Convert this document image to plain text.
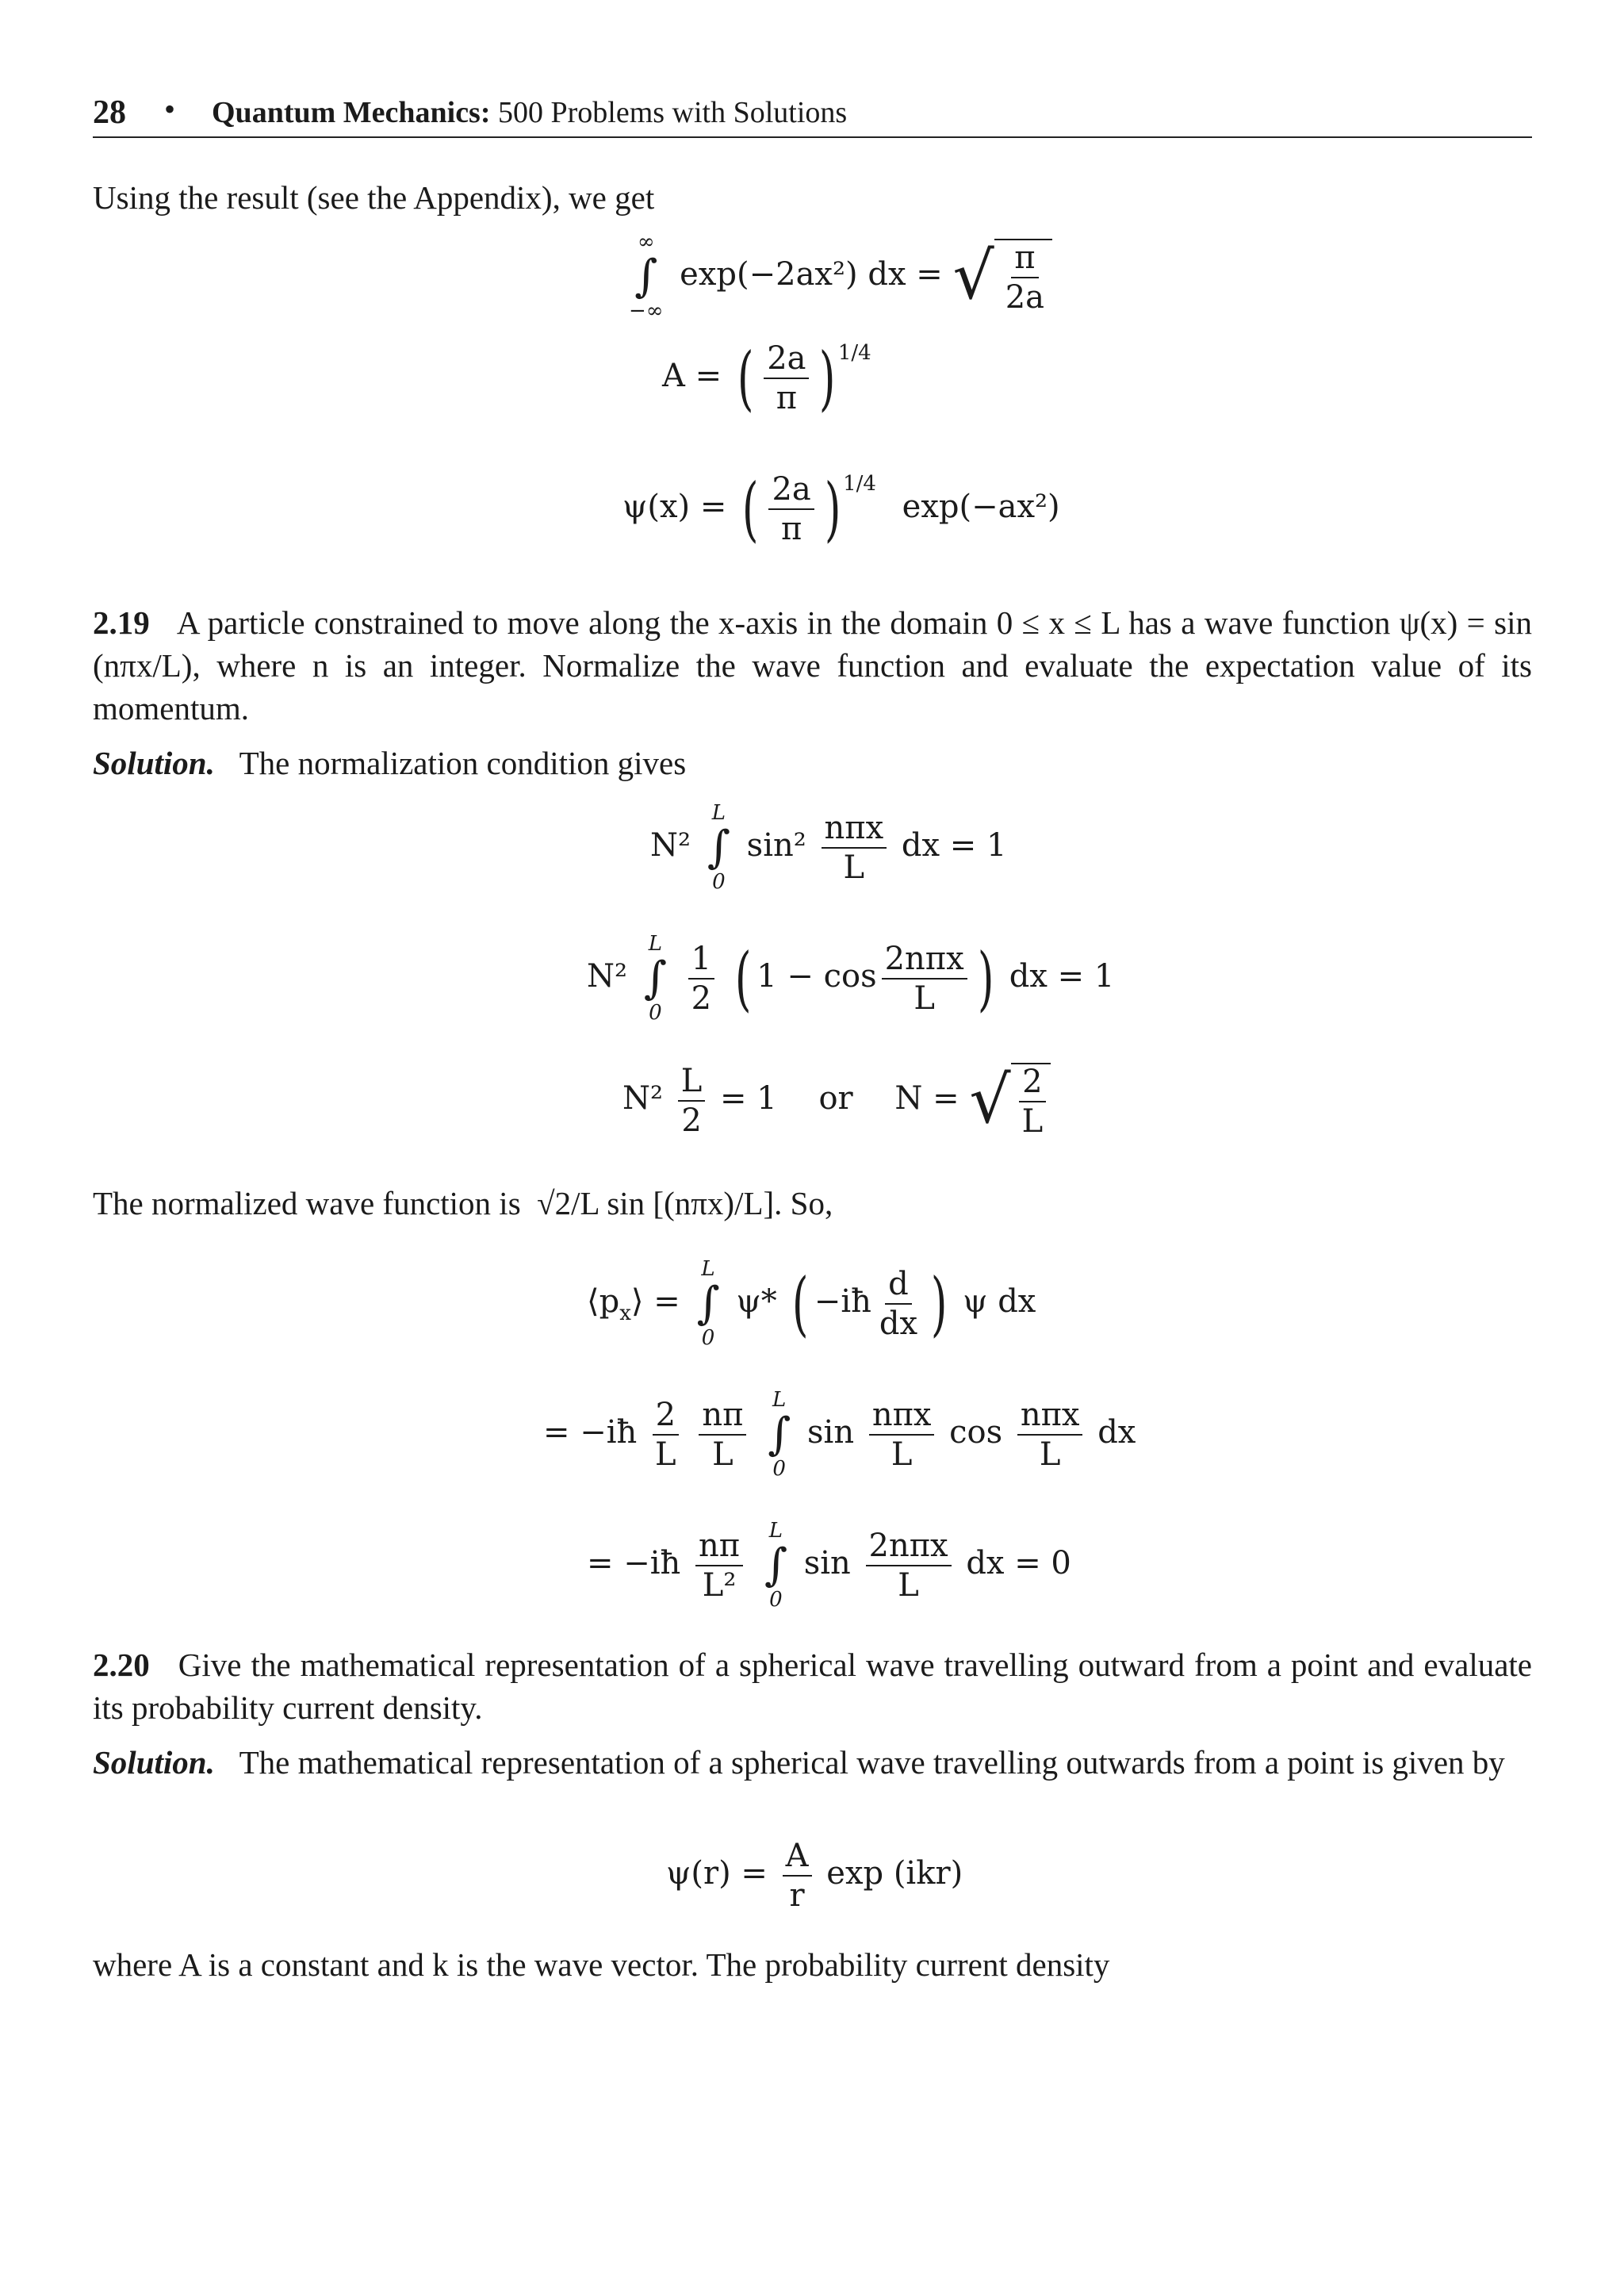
28 • Quantum Mechanics: 500 Problems with Solutions
Using the result (see the Appendix), we get
∞
∫
−∞
exp(−2ax²) dx = √ $\frac{\pi}{2a}$
A = ( $\frac{2a}{\pi}$ ) $^{1/4}$
ψ(x) = ( $\frac{2a}{\pi}$ ) $^{1/4}$ exp(−ax²)
2.19 A particle constrained to move along the x-axis in the domain 0 ≤ x ≤ L has a wave function ψ(x) = sin (nπx/L), where n is an integer. Normalize the wave function and evaluate the expectation value of its momentum.
Solution. The normalization condition gives
N²
L
∫
0
$\sin^2 \frac{\text{nπx}}{L}$ dx = 1
N²
L
∫
0
$\frac{1}{2}$ ( $1 - \cos \frac{\text{2nπx}}{L}$ ) dx = 1
$N^2 \frac{L}{2} = 1$ or N = √ $\frac{2}{L}$
The normalized wave function is √2/L sin [(nπx)/L]. So,
$⟨p_x⟩$ =
L
∫
0
ψ* ( −iħ $\frac{d}{dx}$ ) ψ dx
= −iħ $\frac{2}{L}$
$\frac{n\pi}{L}$
L
∫
0
$\sin \frac{\text{nπx}}{L}$ $\cos \frac{\text{nπx}}{L}$ dx
= −iħ $\frac{n\pi}{\text{L²}}$
L
∫
0
$\sin \frac{\text{2nπx}}{L}$ dx = 0
2.20 Give the mathematical representation of a spherical wave travelling outward from a point and evaluate its probability current density.
Solution. The mathematical representation of a spherical wave travelling outwards from a point is given by
$\psi(r) = \frac{A}{r}$ exp (ikr)
where A is a constant and k is the wave vector. The probability current density
